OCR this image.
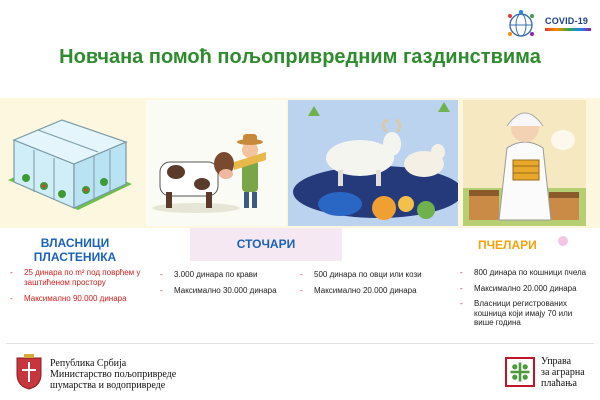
COVID-19
Новчана помоћ пољопривредним газдинствима
ВЛАСНИЦИ ПЛАСТЕНИКА
СТОЧАРИ	ПЧЕЛАРИ
- 25 динара по m² под поврћем у заштићеном простору
- Максимално 90.000 динара
- 3.000 динара по крави
- Максимално 30.000 динара
- 500 динара по овци или кози
- Максимално 20.000 динара
- 800 динара по кошници пчела
- Максимално 20.000 динара
- Власници регистрованих кошница који имају 70 или више година
Република Србија
Министарство пољопривреде
шумарства и водопривреде
Управа
за аграрна
плаћања
